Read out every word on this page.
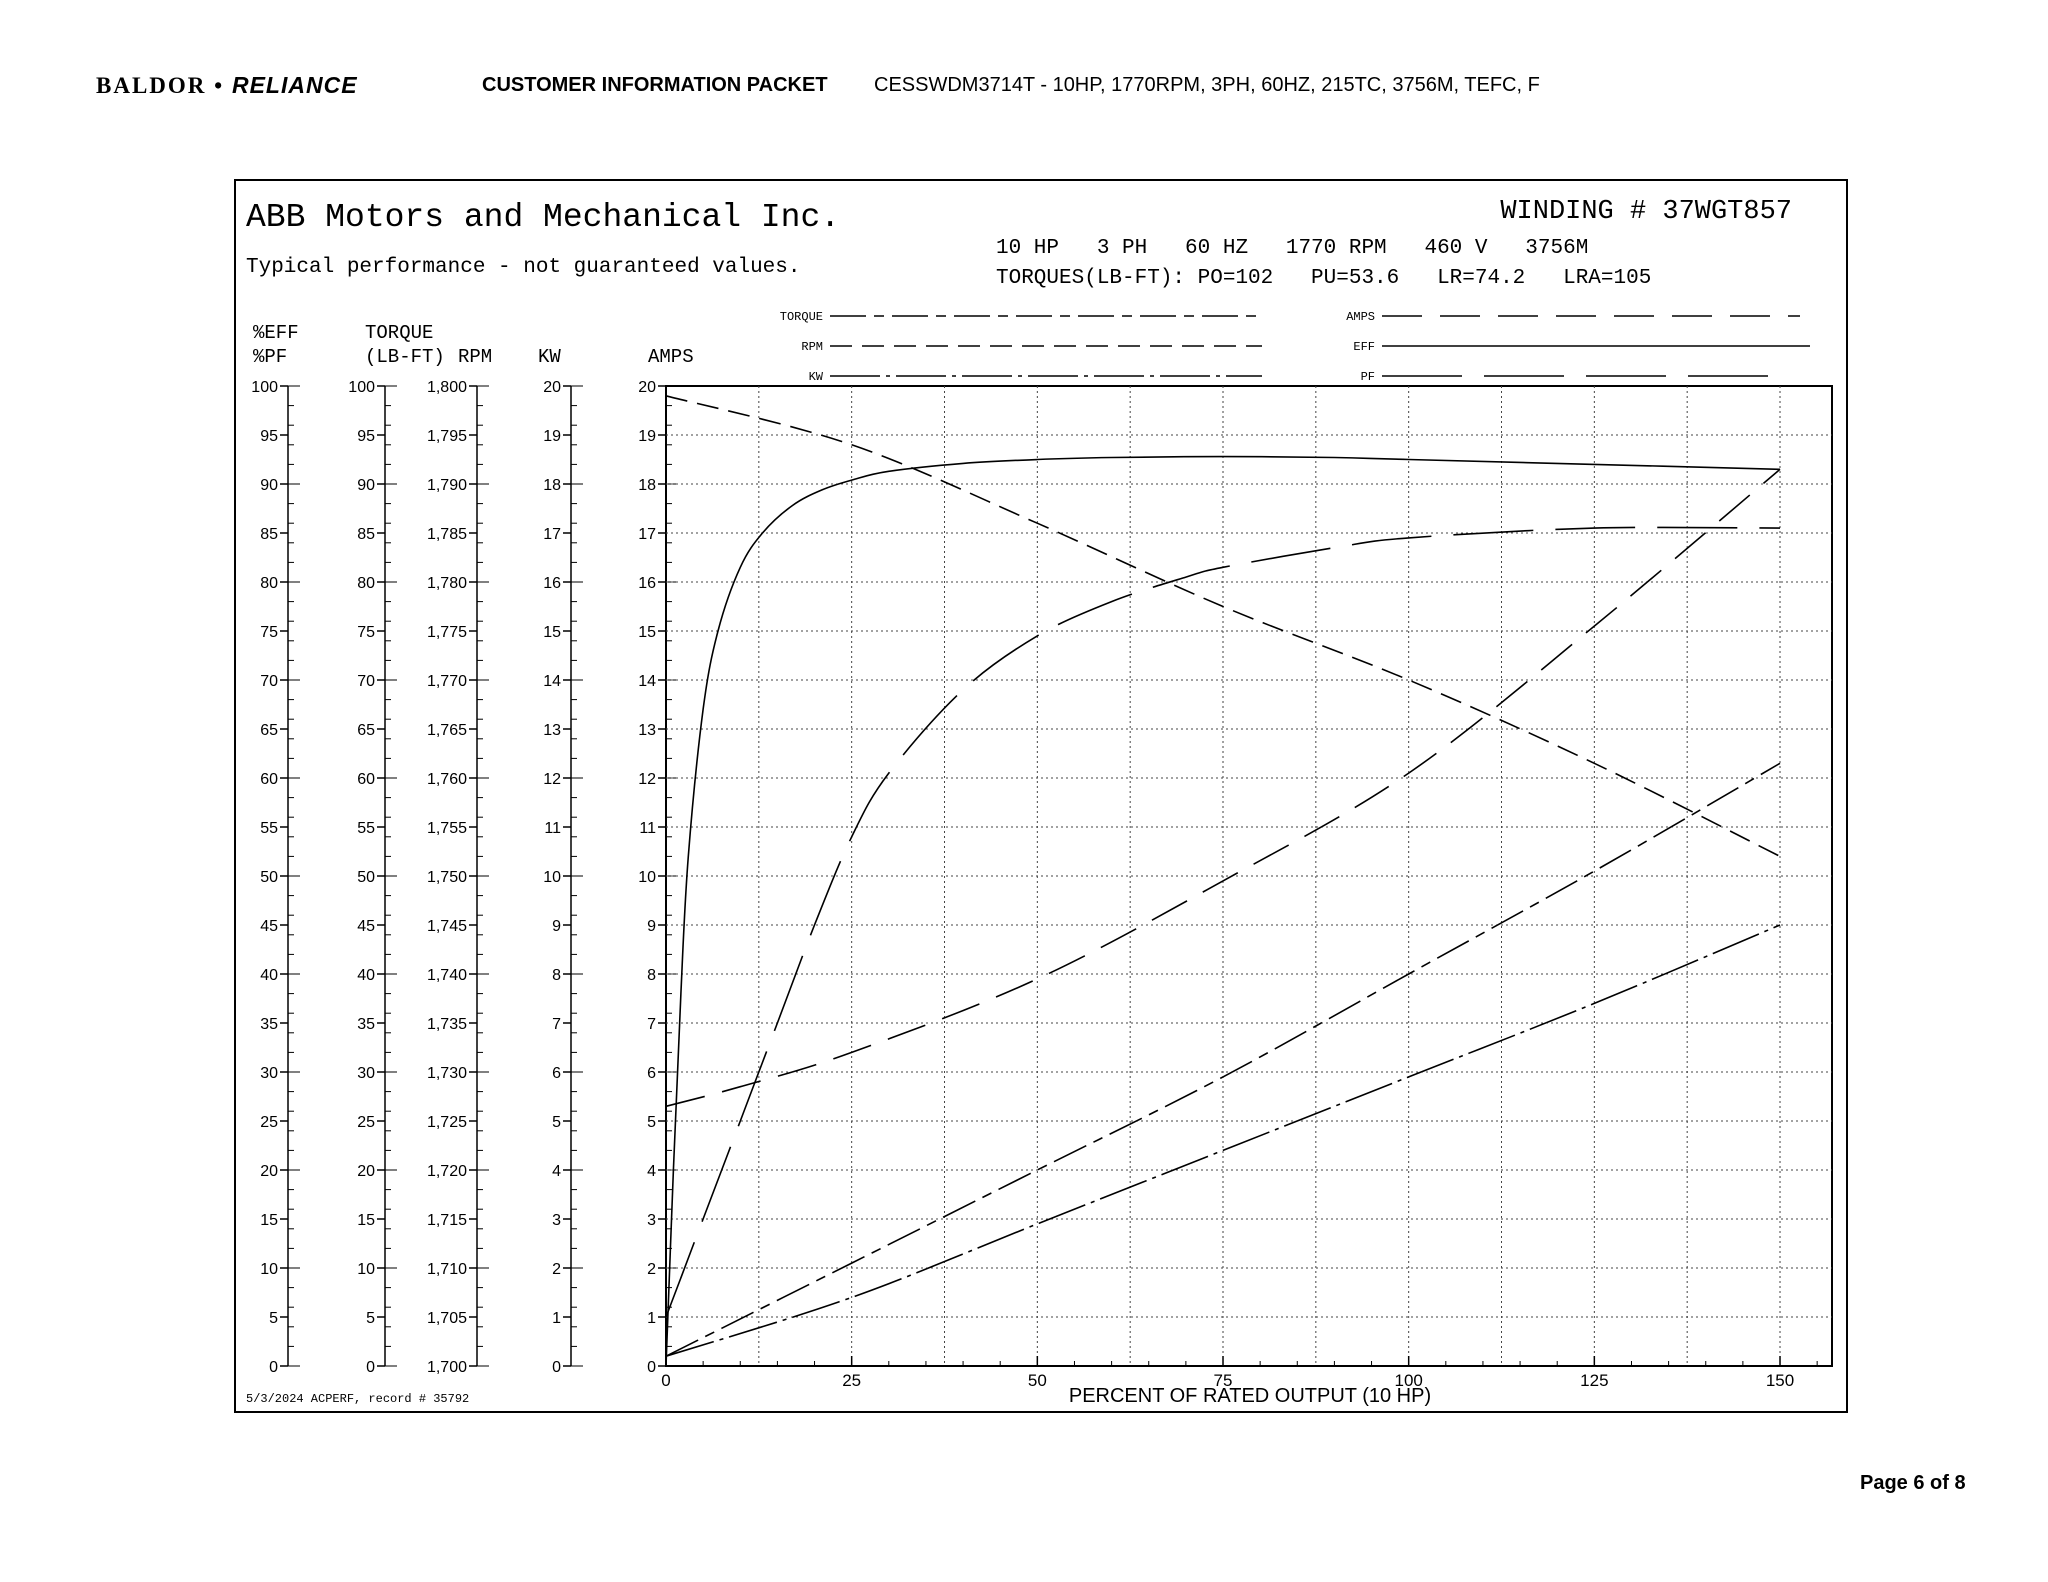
BALDOR • RELIANCE	CUSTOMER INFORMATION PACKET CESSWDM3714T - 10HP, 1770RPM, 3PH, 60HZ, 215TC, 3756M, TEFC, F
ABB Motors and Mechanical Inc.
Typical performance - not guaranteed values.
WINDING # 37WGT857
10 HP   3 PH   60 HZ   1770 RPM   460 V   3756M
TORQUES(LB-FT): PO=102   PU=53.6   LR=74.2   LRA=105
TORQUE
RPM
KW
AMPS
EFF
PF
%EFF
%PF
TORQUE
(LB-FT) RPM KW	AMPS
0
5
10
15
20
25
30
35
40
45
50
55
60
65
70
75
80
85
90
95
100
0
5
10
15
20
25
30
35
40
45
50
55
60
65
70
75
80
85
90
95
100
1,700
1,705
1,710
1,715
1,720
1,725
1,730
1,735
1,740
1,745
1,750
1,755
1,760
1,765
1,770
1,775
1,780
1,785
1,790
1,795
1,800
0
1
2
3
4
5
6
7
8
9
10
11
12
13
14
15
16
17
18
19
20
0
1
2
3
4
5
6
7
8
9
10
11
12
13
14
15
16
17
18
19
20
0	25	50	75	100	125	150
PERCENT OF RATED OUTPUT (10 HP)
5/3/2024 ACPERF, record # 35792
Page 6 of 8
